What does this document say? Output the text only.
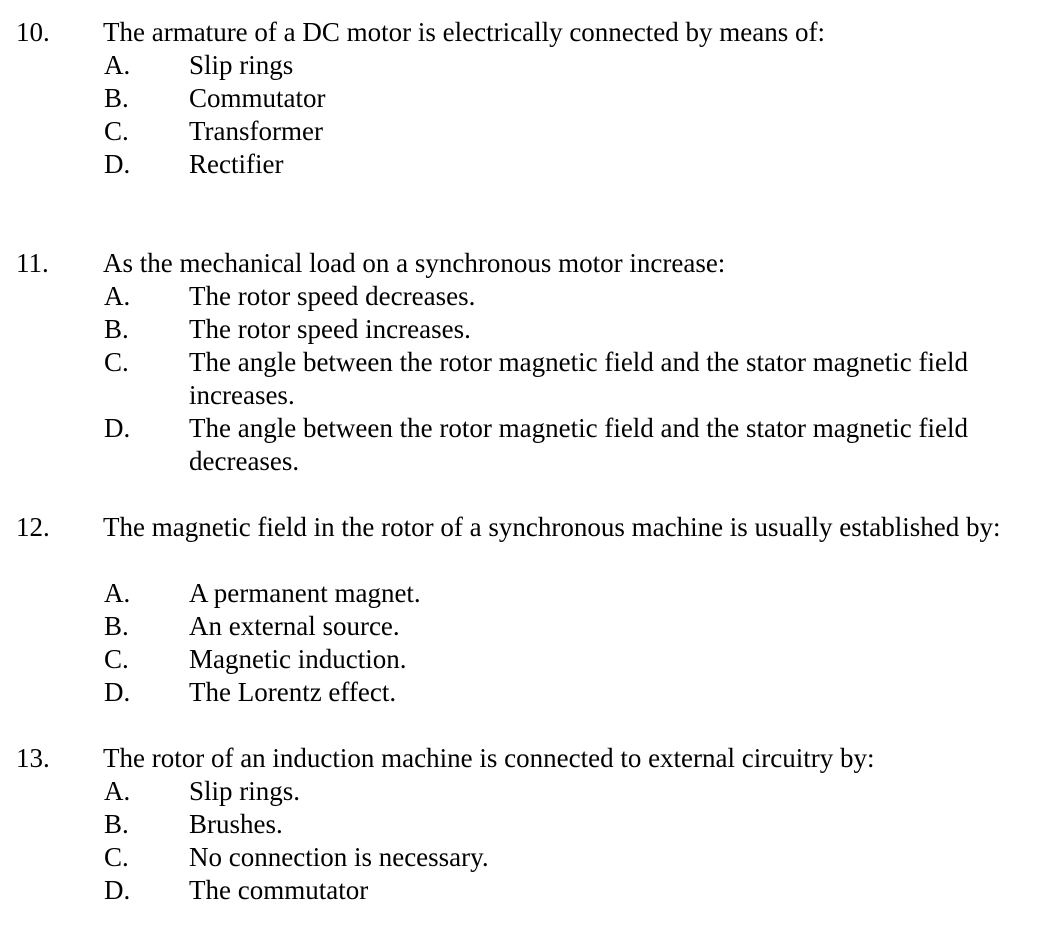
10. The armature of a DC motor is electrically connected by means of:
A. Slip rings
B. Commutator
C. Transformer
D. Rectifier
11. As the mechanical load on a synchronous motor increase:
A. The rotor speed decreases.
B. The rotor speed increases.
C. The angle between the rotor magnetic field and the stator magnetic field increases.
D. The angle between the rotor magnetic field and the stator magnetic field decreases.
12. The magnetic field in the rotor of a synchronous machine is usually established by:
A. A permanent magnet.
B. An external source.
C. Magnetic induction.
D. The Lorentz effect.
13. The rotor of an induction machine is connected to external circuitry by:
A. Slip rings.
B. Brushes.
C. No connection is necessary.
D. The commutator
